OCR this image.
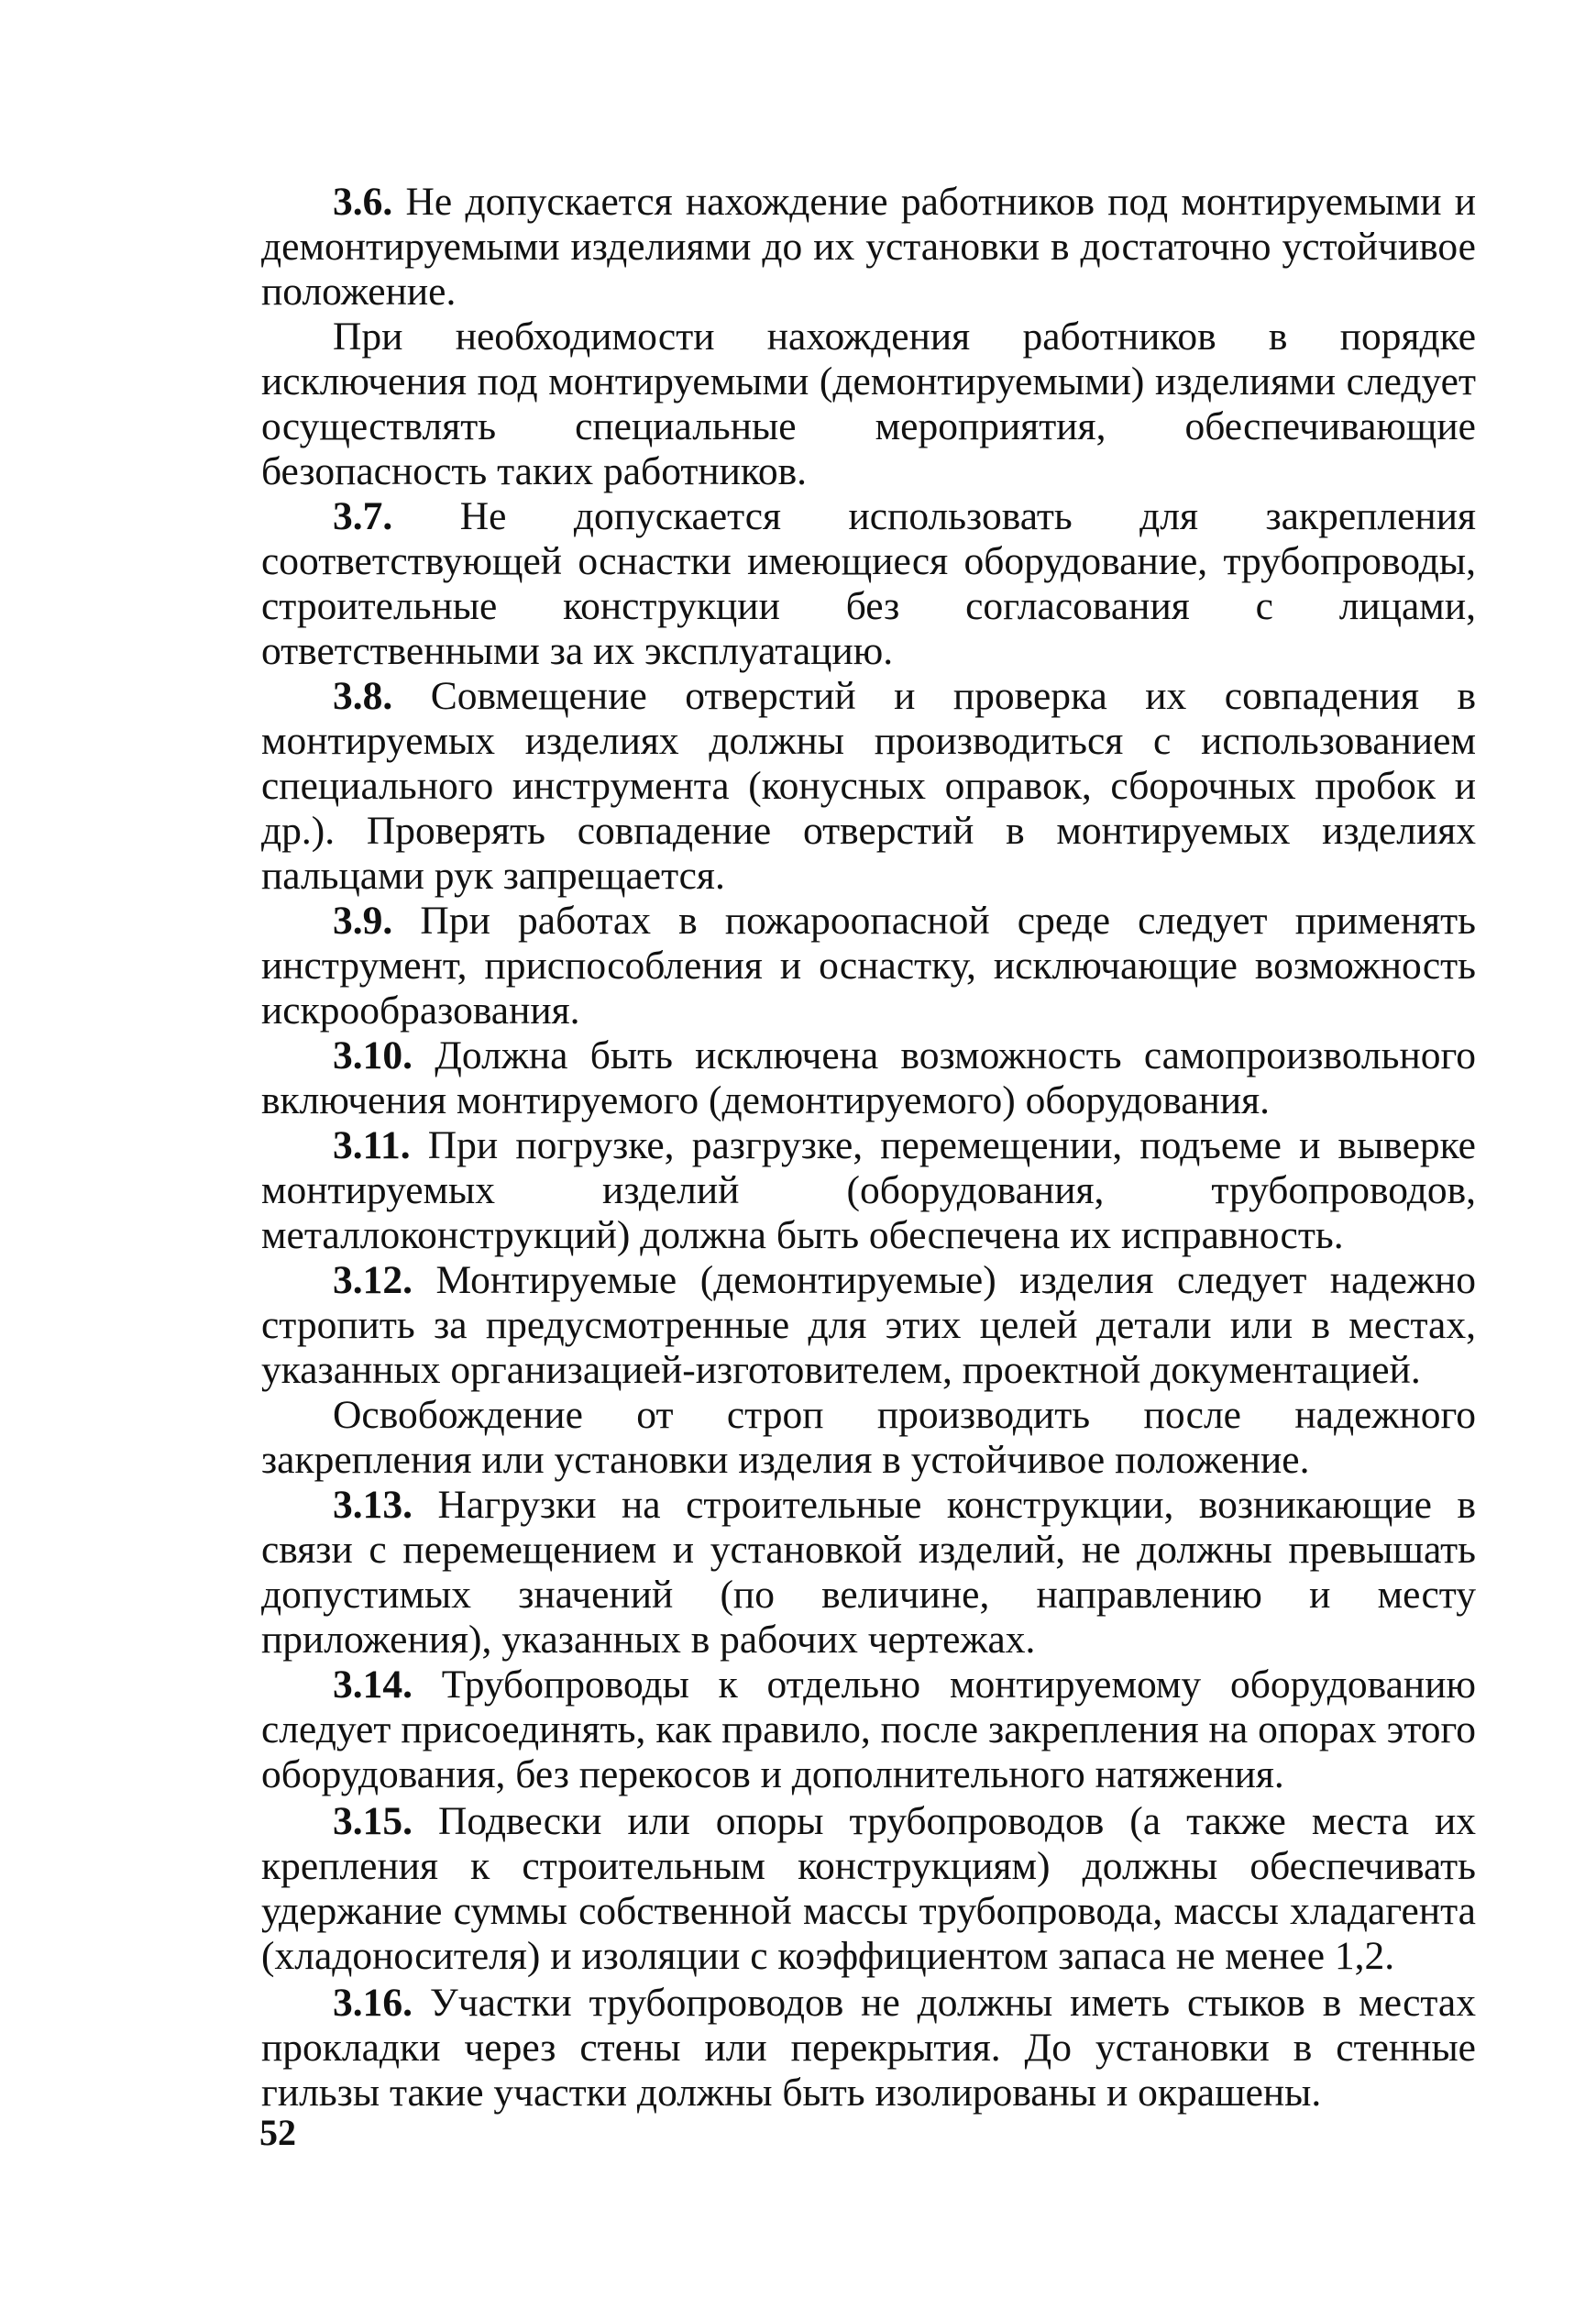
3.6. Не допускается нахождение работников под монтируемыми и демонтируемыми изделиями до их установки в достаточно устойчивое положение.

При необходимости нахождения работников в порядке исключения под монтируемыми (демонтируемыми) изделиями следует осуществлять специальные мероприятия, обеспечивающие безопасность таких работников.

3.7. Не допускается использовать для закрепления соответствующей оснастки имеющиеся оборудование, трубопроводы, строительные конструкции без согласования с лицами, ответственными за их эксплуатацию.

3.8. Совмещение отверстий и проверка их совпадения в монтируемых изделиях должны производиться с использованием специального инструмента (конусных оправок, сборочных пробок и др.). Проверять совпадение отверстий в монтируемых изделиях пальцами рук запрещается.

3.9. При работах в пожароопасной среде следует применять инструмент, приспособления и оснастку, исключающие возможность искрообразования.

3.10. Должна быть исключена возможность самопроизвольного включения монтируемого (демонтируемого) оборудования.

3.11. При погрузке, разгрузке, перемещении, подъеме и выверке монтируемых изделий (оборудования, трубопроводов, металлоконструкций) должна быть обеспечена их исправность.

3.12. Монтируемые (демонтируемые) изделия следует надежно стропить за предусмотренные для этих целей детали или в местах, указанных организацией-изготовителем, проектной документацией.

Освобождение от строп производить после надежного закрепления или установки изделия в устойчивое положение.

3.13. Нагрузки на строительные конструкции, возникающие в связи с перемещением и установкой изделий, не должны превышать допустимых значений (по величине, направлению и месту приложения), указанных в рабочих чертежах.

3.14. Трубопроводы к отдельно монтируемому оборудованию следует присоединять, как правило, после закрепления на опорах этого оборудования, без перекосов и дополнительного натяжения.

3.15. Подвески или опоры трубопроводов (а также места их крепления к строительным конструкциям) должны обеспечивать удержание суммы собственной массы трубопровода, массы хладагента (хладоносителя) и изоляции с коэффициентом запаса не менее 1,2.

3.16. Участки трубопроводов не должны иметь стыков в местах прокладки через стены или перекрытия. До установки в стенные гильзы такие участки должны быть изолированы и окрашены.

52
